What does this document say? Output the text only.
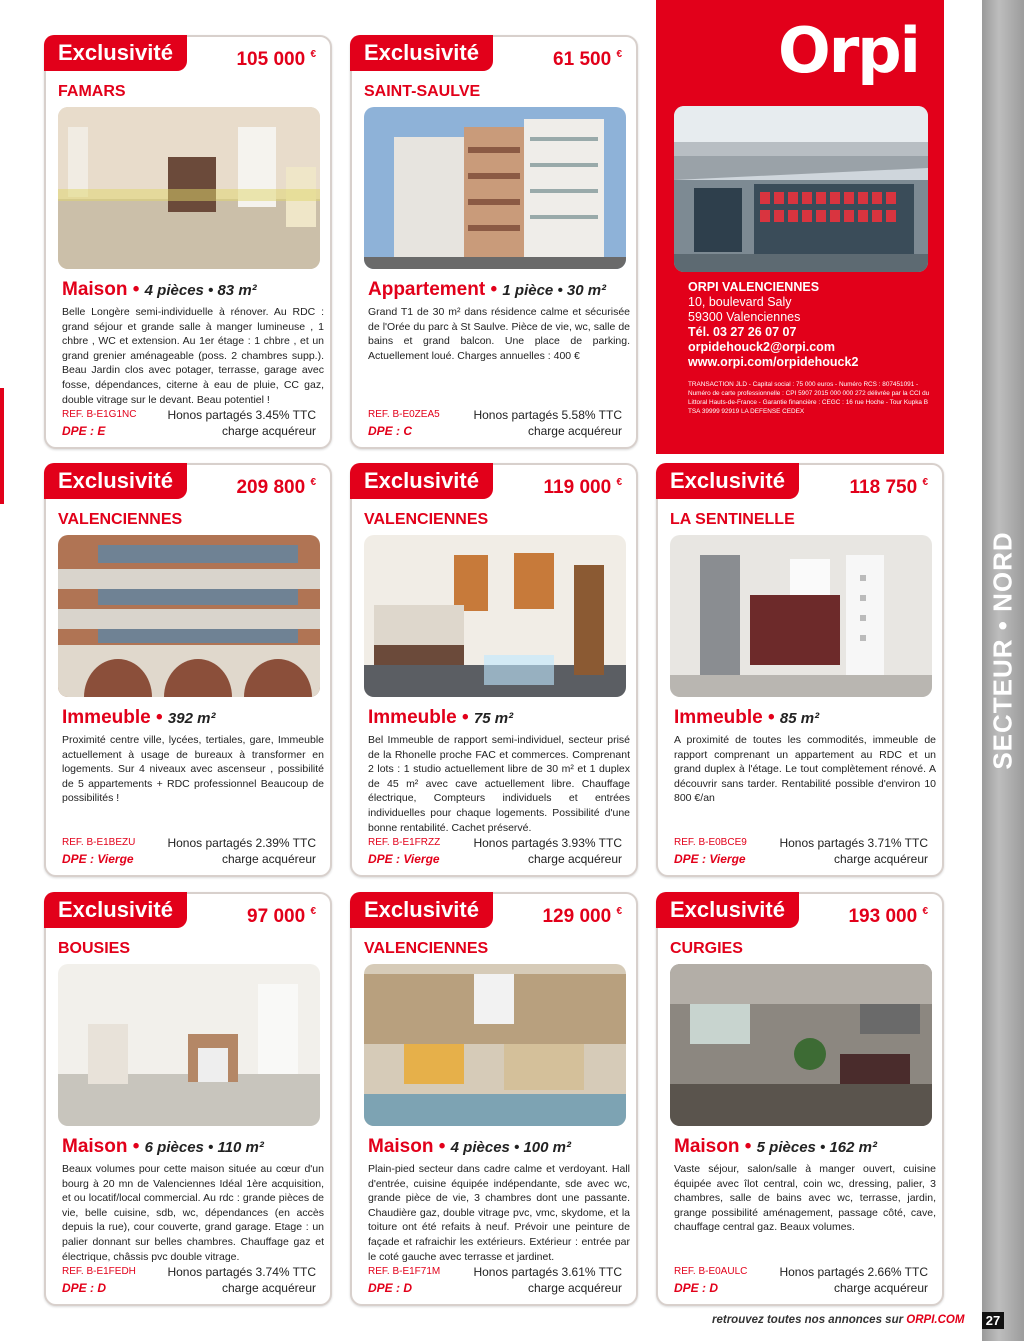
Orpi
ORPI VALENCIENNES
10, boulevard Saly
59300 Valenciennes
Tél. 03 27 26 07 07
orpidehouck2@orpi.com
www.orpi.com/orpidehouck2
TRANSACTION JLD - Capital social : 75 000 euros - Numéro RCS : 807451091 - Numéro de carte professionnelle : CPI 5907 2015 000 000 272 délivrée par la CCI du Littoral Hauts-de-France - Garantie financière : CEGC : 16 rue Hoche - Tour Kupka B TSA 39999 92919 LA DEFENSE CEDEX
Exclusivité	105 000 €
FAMARS
Maison • 4 pièces • 83 m²
Belle Longère semi-individuelle à rénover. Au RDC : grand séjour et grande salle à manger lumineuse , 1 chbre , WC et extension. Au 1er étage : 1 chbre , et un grand grenier aménageable (poss. 2 chambres supp.). Beau Jardin clos avec potager, terrasse, garage avec fosse, dépendances, citerne à eau de pluie, CC gaz, double vitrage sur le devant. Beau potentiel !
REF. B-E1G1NC
DPE : E
Honos partagés 3.45% TTC
charge acquéreur
Exclusivité	61 500 €
SAINT-SAULVE
Appartement • 1 pièce • 30 m²
Grand T1 de 30 m² dans résidence calme et sécurisée de l'Orée du parc à St Saulve. Pièce de vie, wc, salle de bains et grand balcon. Une place de parking. Actuellement loué. Charges annuelles : 400 €
REF. B-E0ZEA5
DPE : C
Honos partagés 5.58% TTC
charge acquéreur
Exclusivité	209 800 €
VALENCIENNES
Immeuble • 392 m²
Proximité centre ville, lycées, tertiales, gare, Immeuble actuellement à usage de bureaux à transformer en logements. Sur 4 niveaux avec ascenseur , possibilité de 5 appartements + RDC professionnel Beaucoup de possibilités !
REF. B-E1BEZU
DPE : Vierge
Honos partagés 2.39% TTC
charge acquéreur
Exclusivité	119 000 €
VALENCIENNES
Immeuble • 75 m²
Bel Immeuble de rapport semi-individuel, secteur prisé de la Rhonelle proche FAC et commerces. Comprenant 2 lots : 1 studio actuellement libre de 30 m² et 1 duplex de 45 m² avec cave actuellement libre. Chauffage électrique, Compteurs individuels et entrées individuelles pour chaque logements. Possibilité d'une bonne rentabilité. Cachet préservé.
REF. B-E1FRZZ
DPE : Vierge
Honos partagés 3.93% TTC
charge acquéreur
Exclusivité	118 750 €
LA SENTINELLE
Immeuble • 85 m²
A proximité de toutes les commodités, immeuble de rapport comprenant un appartement au RDC et un grand duplex à l'étage. Le tout complètement rénové. A découvrir sans tarder. Rentabilité possible d'environ 10 800 €/an
REF. B-E0BCE9
DPE : Vierge
Honos partagés 3.71% TTC
charge acquéreur
Exclusivité	97 000 €
BOUSIES
Maison • 6 pièces • 110 m²
Beaux volumes pour cette maison située au cœur d'un bourg à 20 mn de Valenciennes Idéal 1ère acquisition, et ou locatif/local commercial. Au rdc : grande pièces de vie, belle cuisine, sdb, wc, dépendances (en accès depuis la rue), cour couverte, grand garage. Etage : un palier donnant sur belles chambres. Chauffage gaz et électrique, châssis pvc double vitrage.
REF. B-E1FEDH
DPE : D
Honos partagés 3.74% TTC
charge acquéreur
Exclusivité	129 000 €
VALENCIENNES
Maison • 4 pièces • 100 m²
Plain-pied secteur dans cadre calme et verdoyant. Hall d'entrée, cuisine équipée indépendante, sde avec wc, grande pièce de vie, 3 chambres dont une passante. Chaudière gaz, double vitrage pvc, vmc, skydome, et la toiture ont été refaits à neuf. Prévoir une peinture de façade et rafraichir les extérieurs. Extérieur : entrée par le coté gauche avec terrasse et jardinet.
REF. B-E1F71M
DPE : D
Honos partagés 3.61% TTC
charge acquéreur
Exclusivité	193 000 €
CURGIES
Maison • 5 pièces • 162 m²
Vaste séjour, salon/salle à manger ouvert, cuisine équipée avec îlot central, coin wc, dressing, palier, 3 chambres, salle de bains avec wc, terrasse, jardin, grange possibilité aménagement, passage côté, cave, chauffage central gaz. Beaux volumes.
REF. B-E0AULC
DPE : D
Honos partagés 2.66% TTC
charge acquéreur
SECTEUR • NORD
retrouvez toutes nos annonces sur ORPI.COM 27
